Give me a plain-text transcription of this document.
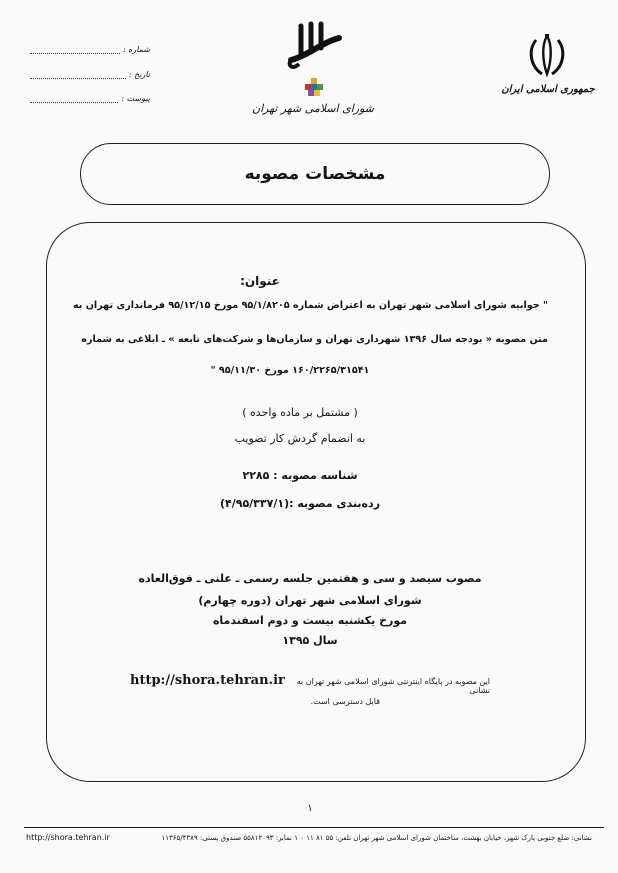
جمهوری اسلامی ایران
شورای اسلامی شهر تهران
شماره :
تاریخ :
پیوست :
مشخصات مصوبه
عنوان:
" جوابیه شورای اسلامی شهر تهران به اعتراض شماره ۹۵/۱/۸۲۰۵ مورخ ۹۵/۱۲/۱۵ فرمانداری تهران به
متن مصوبه « بودجه سال ۱۳۹۶ شهرداری تهران و سازمان‌ها و شرکت‌های تابعه » ـ ابلاغی به شماره
۱۶۰/۲۲۶۵/۳۱۵۴۱ مورخ ۹۵/۱۱/۳۰ "
( مشتمل بر ماده واحده )
به انضمام گردش کار تصویب
شناسه مصوبه : ۲۲۸۵
رده‌بندی مصوبه :(۴/۹۵/۳۳۷/۱)
مصوب سیصد و سی و هفتمین جلسه رسمی ـ علنی ـ فوق‌العاده
شورای اسلامی شهر تهران (دوره چهارم)
مورخ یکشنبه بیست و دوم اسفندماه
سال ۱۳۹۵
این مصوبه در پایگاه اینترنتی شورای اسلامی شهر تهران به نشانی
http://shora.tehran.ir
قابل دسترسی است.
۱
نشانی: ضلع جنوبی پارک شهر، خیابان بهشت، ساختمان شورای اسلامی شهر تهران تلفن: ۵۵ ۸۱ ۱۱ ۰ ۱ نمابر: ۵۵۸۱۲۰۹۳ صندوق پستی: ۱۱۳۶۵/۴۳۸۹
http://shora.tehran.ir
